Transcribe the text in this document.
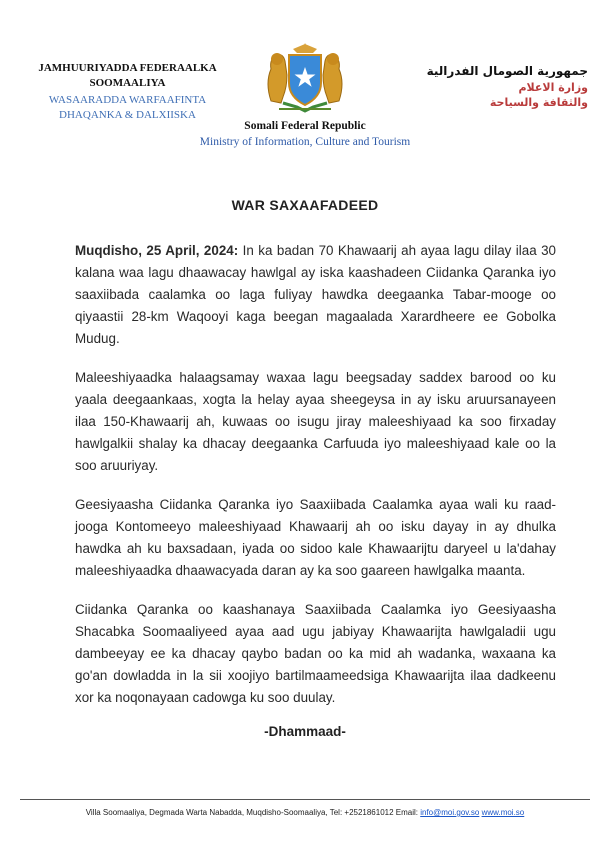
JAMHUURIYADDA FEDERAALKA
SOOMAALIYA
WASAARADDA WARFAAFINTA
DHAQANKA & DALXIISKA
جمهورية الصومال الفدرالية
وزارة الاعلام
والثقافة والسياحة
Somali Federal Republic
Ministry of Information, Culture and Tourism
WAR SAXAAFADEED

Muqdisho, 25 April, 2024: In ka badan 70 Khawaarij ah ayaa lagu dilay ilaa 30 kalana waa lagu dhaawacay hawlgal ay iska kaashadeen Ciidanka Qaranka iyo saaxiibada caalamka oo laga fuliyay hawdka deegaanka Tabar-mooge oo qiyaastii 28-km Waqooyi kaga beegan magaalada Xarardheere ee Gobolka Mudug.

Maleeshiyaadka halaagsamay waxaa lagu beegsaday saddex barood oo ku yaala deegaankaas, xogta la helay ayaa sheegeysa in ay isku aruursanayeen ilaa 150-Khawaarij ah, kuwaas oo isugu jiray maleeshiyaad ka soo firxaday hawlgalkii shalay ka dhacay deegaanka Carfuuda iyo maleeshiyaad kale oo la soo aruuriyay.

Geesiyaasha Ciidanka Qaranka iyo Saaxiibada Caalamka ayaa wali ku raad-jooga Kontomeeyo maleeshiyaad Khawaarij ah oo isku dayay in ay dhulka hawdka ah ku baxsadaan, iyada oo sidoo kale Khawaarijtu daryeel u la'dahay maleeshiyaadka dhaawacyada daran ay ka soo gaareen hawlgalka maanta.

Ciidanka Qaranka oo kaashanaya Saaxiibada Caalamka iyo Geesiyaasha Shacabka Soomaaliyeed ayaa aad ugu jabiyay Khawaarijta hawlgaladii ugu dambeeyay ee ka dhacay qaybo badan oo ka mid ah wadanka, waxaana ka go'an dowladda in la sii xoojiyo bartilmaameedsiga Khawaarijta ilaa dadkeenu xor ka noqonayaan cadowga ku soo duulay.

-Dhammaad-
Villa Soomaaliya, Degmada Warta Nabadda, Muqdisho-Soomaaliya, Tel: +2521861012 Email: info@moi.gov.so www.moi.so
